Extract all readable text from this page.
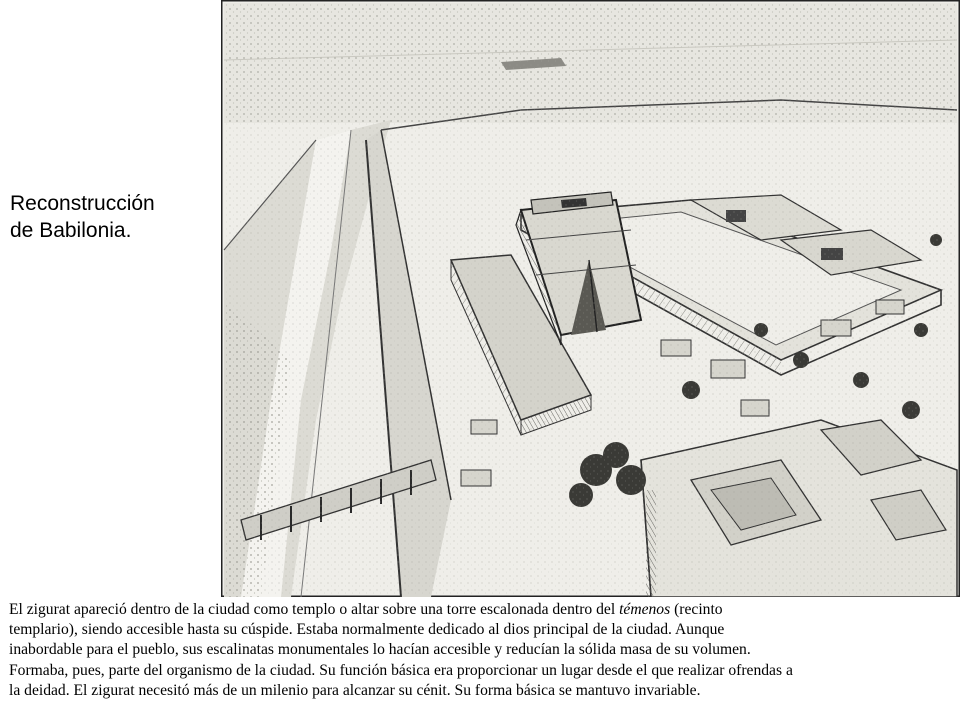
Reconstrucción
de Babilonia.
El zigurat apareció dentro de la ciudad como templo o altar sobre una torre escalonada dentro del témenos (recinto
templario), siendo accesible hasta su cúspide. Estaba normalmente dedicado al dios principal de la ciudad. Aunque
inabordable para el pueblo, sus escalinatas monumentales lo hacían accesible y reducían la sólida masa de su volumen.
Formaba, pues, parte del organismo de la ciudad. Su función básica era proporcionar un lugar desde el que realizar ofrendas a
la deidad. El zigurat necesitó más de un milenio para alcanzar su cénit. Su forma básica se mantuvo invariable.
